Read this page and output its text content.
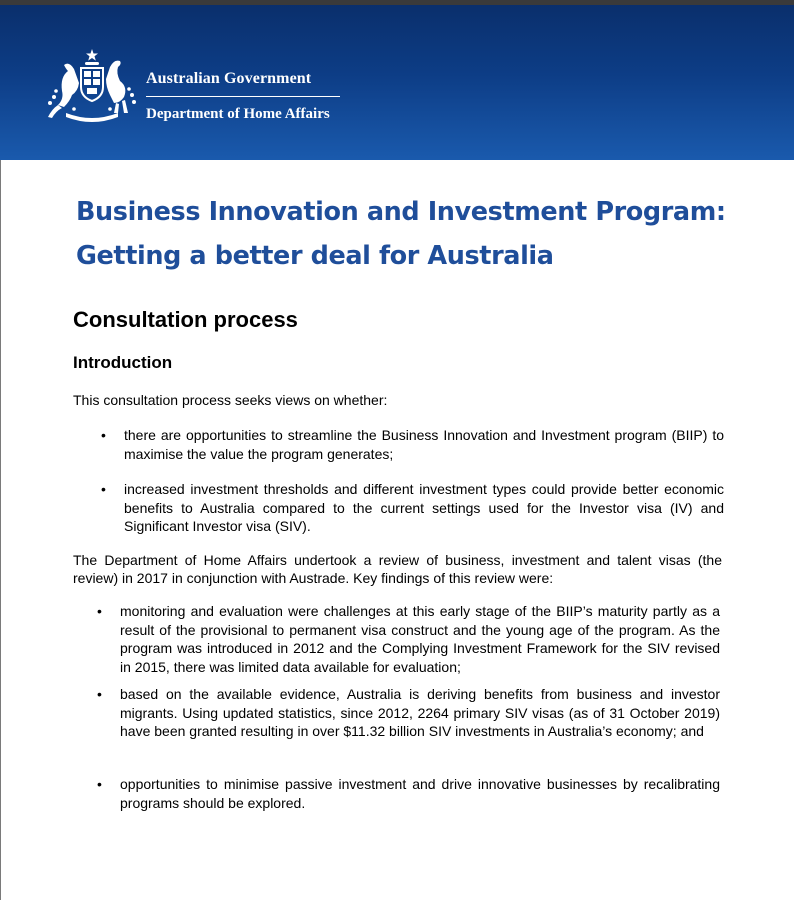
Australian Government
Department of Home Affairs
Business Innovation and Investment Program: Getting a better deal for Australia
Consultation process
Introduction

This consultation process seeks views on whether:

• there are opportunities to streamline the Business Innovation and Investment program (BIIP) to maximise the value the program generates;

• increased investment thresholds and different investment types could provide better economic benefits to Australia compared to the current settings used for the Investor visa (IV) and Significant Investor visa (SIV).

The Department of Home Affairs undertook a review of business, investment and talent visas (the review) in 2017 in conjunction with Austrade. Key findings of this review were:

• monitoring and evaluation were challenges at this early stage of the BIIP’s maturity partly as a result of the provisional to permanent visa construct and the young age of the program. As the program was introduced in 2012 and the Complying Investment Framework for the SIV revised in 2015, there was limited data available for evaluation;

• based on the available evidence, Australia is deriving benefits from business and investor migrants. Using updated statistics, since 2012, 2264 primary SIV visas (as of 31 October 2019) have been granted resulting in over $11.32 billion SIV investments in Australia’s economy; and

• opportunities to minimise passive investment and drive innovative businesses by recalibrating programs should be explored.
